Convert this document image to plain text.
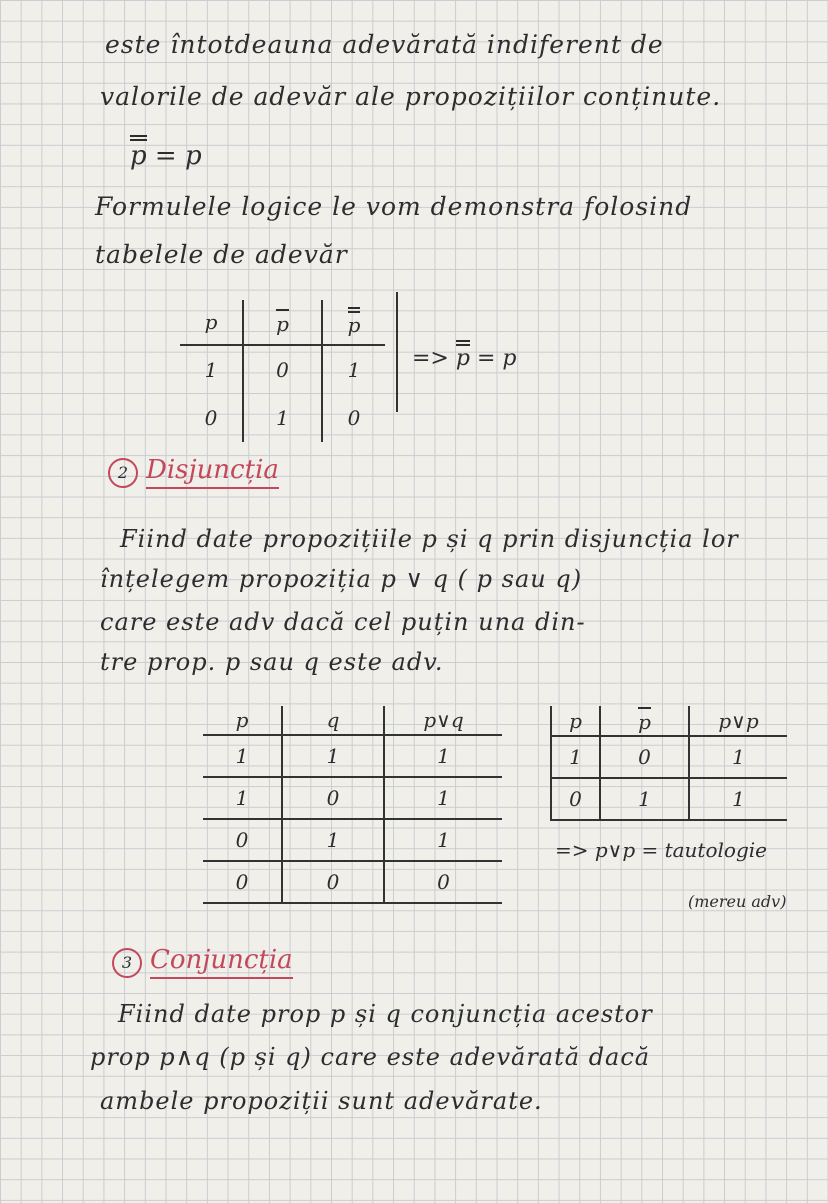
este întotdeauna adevărată indiferent de
valorile de adevăr ale propozițiilor conținute.
p = p
Formulele logice le vom demonstra folosind
tabelele de adevăr
p	p	p
1	0	1
0	1	0
=> p = p
2 Disjuncția
Fiind date propozițiile p și q prin disjuncția lor
înțelegem propoziția p ∨ q ( p sau q)
care este adv dacă cel puțin una din-
tre prop. p sau q este adv.
p	q	p∨q
1	1	1
1	0	1
0	1	1
0	0	0
p	p	p∨p
1	0	1
0	1	1
=> p∨p = tautologie
(mereu adv)
3 Conjuncția
Fiind date prop p și q conjuncția acestor
prop p∧q (p și q) care este adevărată dacă
ambele propoziții sunt adevărate.
